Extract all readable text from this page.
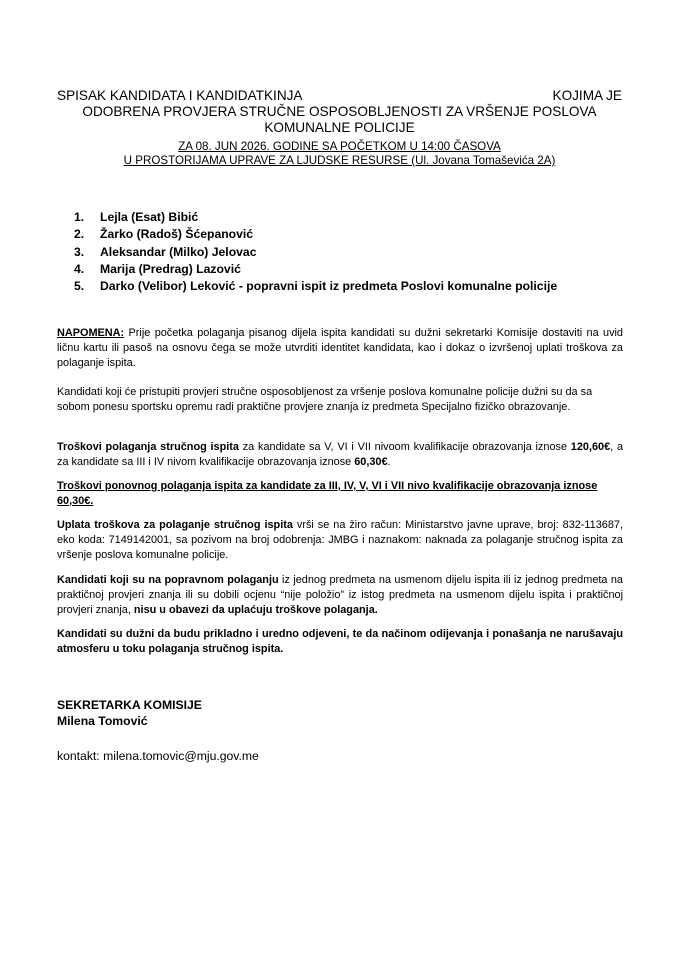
SPISAK KANDIDATA I KANDIDATKINJA	KOJIMA JE
ODOBRENA PROVJERA STRUČNE OSPOSOBLJENOSTI ZA VRŠENJE POSLOVA
KOMUNALNE POLICIJE
ZA 08. JUN 2026. GODINE SA POČETKOM U 14:00 ČASOVA
U PROSTORIJAMA UPRAVE ZA LJUDSKE RESURSE (Ul. Jovana Tomaševića 2A)
1. Lejla (Esat) Bibić
2. Žarko (Radoš) Šćepanović
3. Aleksandar (Milko) Jelovac
4. Marija (Predrag) Lazović
5. Darko (Velibor) Leković - popravni ispit iz predmeta Poslovi komunalne policije
NAPOMENA: Prije početka polaganja pisanog dijela ispita kandidati su dužni sekretarki Komisije dostaviti na uvid ličnu kartu ili pasoš na osnovu čega se može utvrditi identitet kandidata, kao i dokaz o izvršenoj uplati troškova za polaganje ispita.
Kandidati koji će pristupiti provjeri stručne osposobljenost za vršenje poslova komunalne policije dužni su da sa sobom ponesu sportsku opremu radi praktične provjere znanja iz predmeta Specijalno fizičko obrazovanje.
Troškovi polaganja stručnog ispita za kandidate sa V, VI i VII nivoom kvalifikacije obrazovanja iznose 120,60€, a za kandidate sa III i IV nivom kvalifikacije obrazovanja iznose 60,30€.
Troškovi ponovnog polaganja ispita za kandidate za III, IV, V, VI i VII nivo kvalifikacije obrazovanja iznose 60,30€.
Uplata troškova za polaganje stručnog ispita vrši se na žiro račun: Ministarstvo javne uprave, broj: 832-113687, eko koda: 7149142001, sa pozivom na broj odobrenja: JMBG i naznakom: naknada za polaganje stručnog ispita za vršenje poslova komunalne policije.
Kandidati koji su na popravnom polaganju iz jednog predmeta na usmenom dijelu ispita ili iz jednog predmeta na praktičnoj provjeri znanja ili su dobili ocjenu “nije položio” iz istog predmeta na usmenom dijelu ispita i praktičnoj provjeri znanja, nisu u obavezi da uplaćuju troškove polaganja.
Kandidati su dužni da budu prikladno i uredno odjeveni, te da načinom odijevanja i ponašanja ne narušavaju atmosferu u toku polaganja stručnog ispita.
SEKRETARKA KOMISIJE
Milena Tomović
kontakt: milena.tomovic@mju.gov.me
